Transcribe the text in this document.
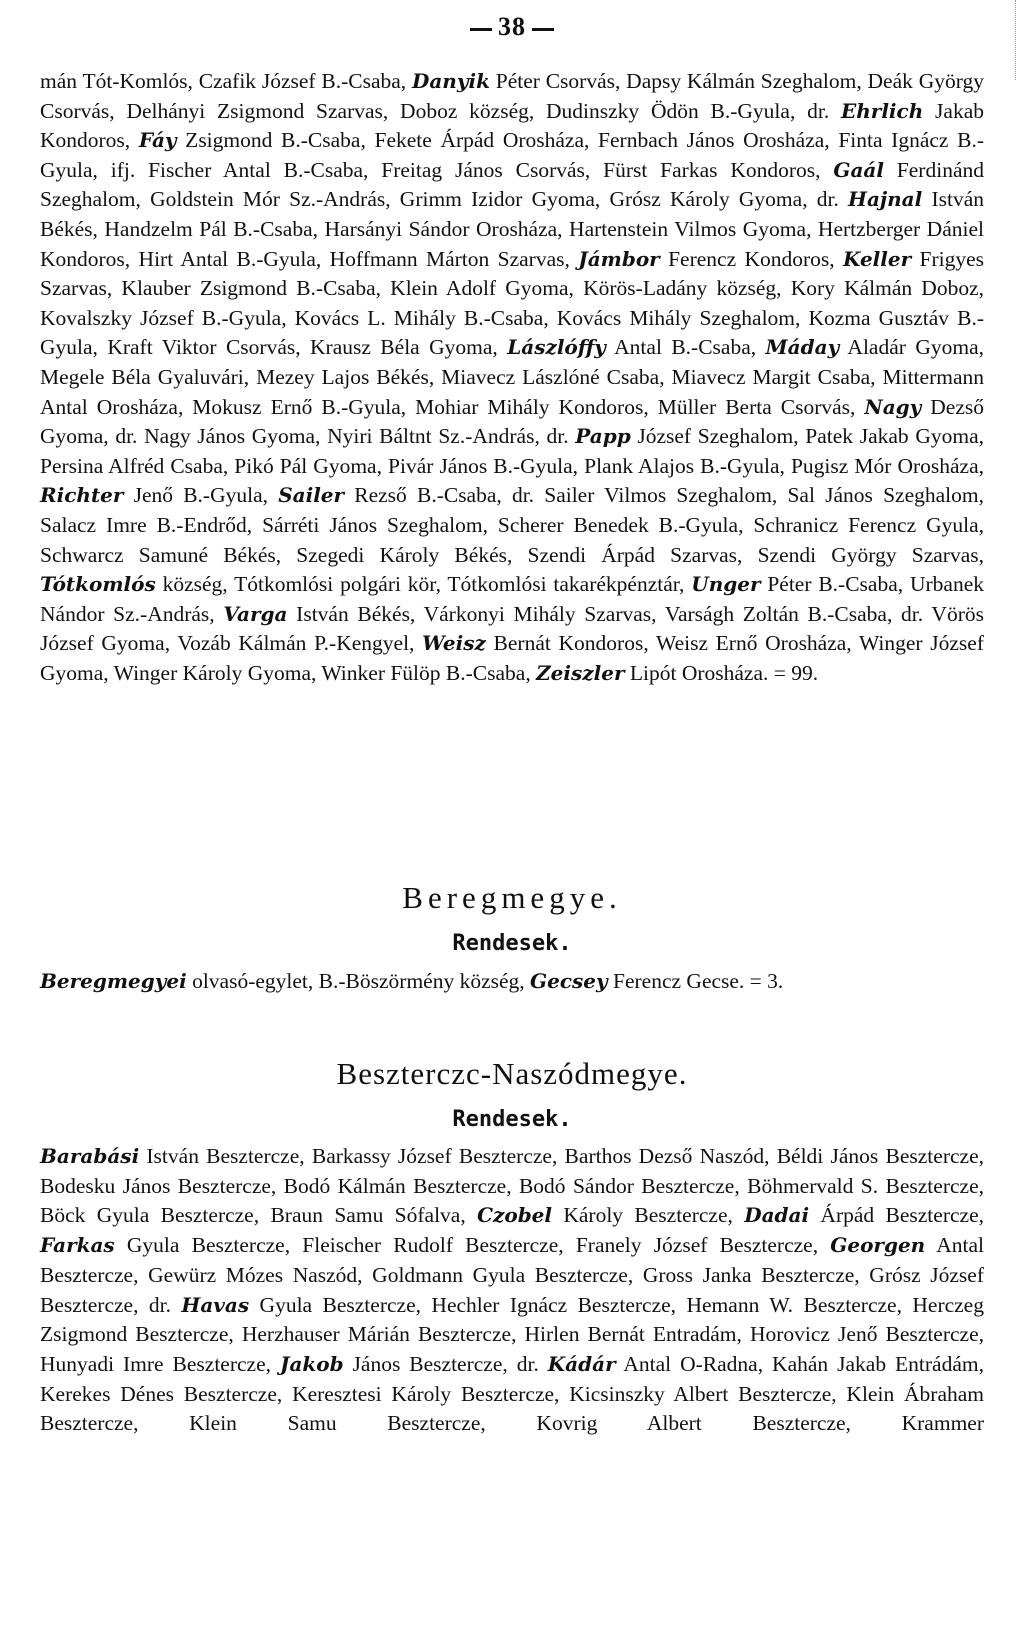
38

mán Tót-Komlós, Czafik József B.-Csaba, Danyik Péter Csorvás, Dapsy Kálmán Szeghalom, Deák György Csorvás, Delhányi Zsigmond Szarvas, Doboz község, Dudinszky Ödön B.-Gyula, dr. Ehrlich Jakab Kondoros, Fáy Zsigmond B.-Csaba, Fekete Árpád Orosháza, Fernbach János Orosháza, Finta Ignácz B.-Gyula, ifj. Fischer Antal B.-Csaba, Freitag János Csorvás, Fürst Farkas Kondoros, Gaál Ferdinánd Szeghalom, Goldstein Mór Sz.-András, Grimm Izidor Gyoma, Grósz Károly Gyoma, dr. Hajnal István Békés, Handzelm Pál B.-Csaba, Harsányi Sándor Orosháza, Hartenstein Vilmos Gyoma, Hertzberger Dániel Kondoros, Hirt Antal B.-Gyula, Hoffmann Márton Szarvas, Jámbor Ferencz Kondoros, Keller Frigyes Szarvas, Klauber Zsigmond B.-Csaba, Klein Adolf Gyoma, Körös-Ladány község, Kory Kálmán Doboz, Kovalszky József B.-Gyula, Kovács L. Mihály B.-Csaba, Kovács Mihály Szeghalom, Kozma Gusztáv B.-Gyula, Kraft Viktor Csorvás, Krausz Béla Gyoma, Lászlóffy Antal B.-Csaba, Máday Aladár Gyoma, Megele Béla Gyaluvári, Mezey Lajos Békés, Miavecz Lászlóné Csaba, Miavecz Margit Csaba, Mittermann Antal Orosháza, Mokusz Ernő B.-Gyula, Mohiar Mihály Kondoros, Müller Berta Csorvás, Nagy Dezső Gyoma, dr. Nagy János Gyoma, Nyiri Báltnt Sz.-András, dr. Papp József Szeghalom, Patek Jakab Gyoma, Persina Alfréd Csaba, Pikó Pál Gyoma, Pivár János B.-Gyula, Plank Alajos B.-Gyula, Pugisz Mór Orosháza, Richter Jenő B.-Gyula, Sailer Rezső B.-Csaba, dr. Sailer Vilmos Szeghalom, Sal János Szeghalom, Salacz Imre B.-Endrőd, Sárréti János Szeghalom, Scherer Benedek B.-Gyula, Schranicz Ferencz Gyula, Schwarcz Samuné Békés, Szegedi Károly Békés, Szendi Árpád Szarvas, Szendi György Szarvas, Tótkomlós község, Tótkomlósi polgári kör, Tótkomlósi takarékpénztár, Unger Péter B.-Csaba, Urbanek Nándor Sz.-András, Varga István Békés, Várkonyi Mihály Szarvas, Varságh Zoltán B.-Csaba, dr. Vörös József Gyoma, Vozáb Kálmán P.-Kengyel, Weisz Bernát Kondoros, Weisz Ernő Orosháza, Winger József Gyoma, Winger Károly Gyoma, Winker Fülöp B.-Csaba, Zeiszler Lipót Orosháza. = 99.

Beregmegye.
Rendesek.

Beregmegyei olvasó-egylet, B.-Böszörmény község, Gecsey Ferencz Gecse. = 3.

Beszterczc-Naszódmegye.
Rendesek.

Barabási István Besztercze, Barkassy József Besztercze, Barthos Dezső Naszód, Béldi János Besztercze, Bodesku János Besztercze, Bodó Kálmán Besztercze, Bodó Sándor Besztercze, Böhmervald S. Besztercze, Böck Gyula Besztercze, Braun Samu Sófalva, Czobel Károly Besztercze, Dadai Árpád Besztercze, Farkas Gyula Besztercze, Fleischer Rudolf Besztercze, Franely József Besztercze, Georgen Antal Besztercze, Gewürz Mózes Naszód, Goldmann Gyula Besztercze, Gross Janka Besztercze, Grósz József Besztercze, dr. Havas Gyula Besztercze, Hechler Ignácz Besztercze, Hemann W. Besztercze, Herczeg Zsigmond Besztercze, Herzhauser Márián Besztercze, Hirlen Bernát Entradám, Horovicz Jenő Besztercze, Hunyadi Imre Besztercze, Jakob János Besztercze, dr. Kádár Antal O-Radna, Kahán Jakab Entrádám, Kerekes Dénes Besztercze, Keresztesi Károly Besztercze, Kicsinszky Albert Besztercze, Klein Ábraham Besztercze, Klein Samu Besztercze, Kovrig Albert Besztercze, Krammer
